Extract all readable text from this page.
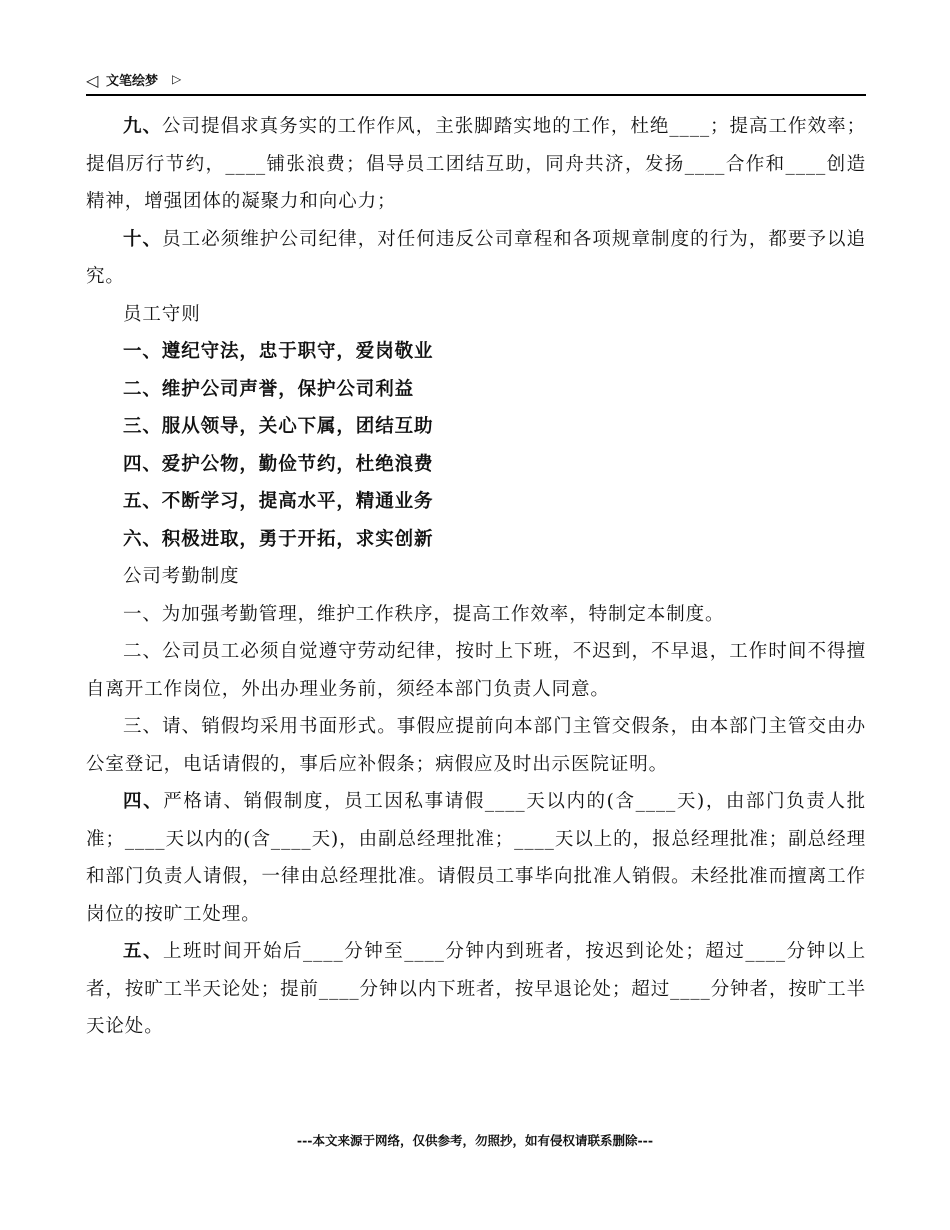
◁ 文笔绘梦 ▷

九、公司提倡求真务实的工作作风，主张脚踏实地的工作，杜绝____；提高工作效率；提倡厉行节约，____铺张浪费；倡导员工团结互助，同舟共济，发扬____合作和____创造精神，增强团体的凝聚力和向心力；

十、员工必须维护公司纪律，对任何违反公司章程和各项规章制度的行为，都要予以追究。

员工守则

一、遵纪守法，忠于职守，爱岗敬业

二、维护公司声誉，保护公司利益

三、服从领导，关心下属，团结互助

四、爱护公物，勤俭节约，杜绝浪费

五、不断学习，提高水平，精通业务

六、积极进取，勇于开拓，求实创新

公司考勤制度

一、为加强考勤管理，维护工作秩序，提高工作效率，特制定本制度。

二、公司员工必须自觉遵守劳动纪律，按时上下班，不迟到，不早退，工作时间不得擅自离开工作岗位，外出办理业务前，须经本部门负责人同意。

三、请、销假均采用书面形式。事假应提前向本部门主管交假条，由本部门主管交由办公室登记，电话请假的，事后应补假条；病假应及时出示医院证明。

四、严格请、销假制度，员工因私事请假____天以内的(含____天)，由部门负责人批准；____天以内的(含____天)，由副总经理批准；____天以上的，报总经理批准；副总经理和部门负责人请假，一律由总经理批准。请假员工事毕向批准人销假。未经批准而擅离工作岗位的按旷工处理。

五、上班时间开始后____分钟至____分钟内到班者，按迟到论处；超过____分钟以上者，按旷工半天论处；提前____分钟以内下班者，按早退论处；超过____分钟者，按旷工半天论处。

---本文来源于网络，仅供参考，勿照抄，如有侵权请联系删除---
